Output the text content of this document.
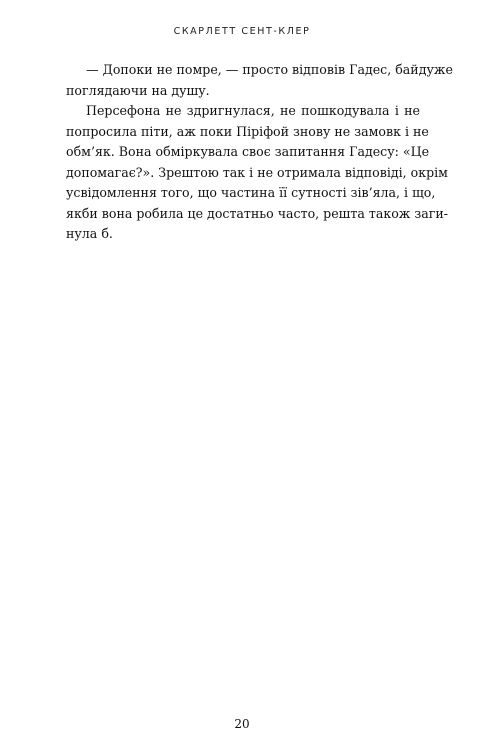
СКАРЛЕТТ СЕНТ-КЛЕР
— Допоки не помре, — просто відповів Гадес, байдуже
поглядаючи на душу.
Персефона не здригнулася, не пошкодувала і не
попросила піти, аж поки Піріфой знову не замовк і не
обм’як. Вона обміркувала своє запитання Гадесу: «Це
допомагає?». Зрештою так і не отримала відповіді, окрім
усвідомлення того, що частина її сутності зів’яла, і що,
якби вона робила це достатньо часто, решта також заги-
нула б.
20
